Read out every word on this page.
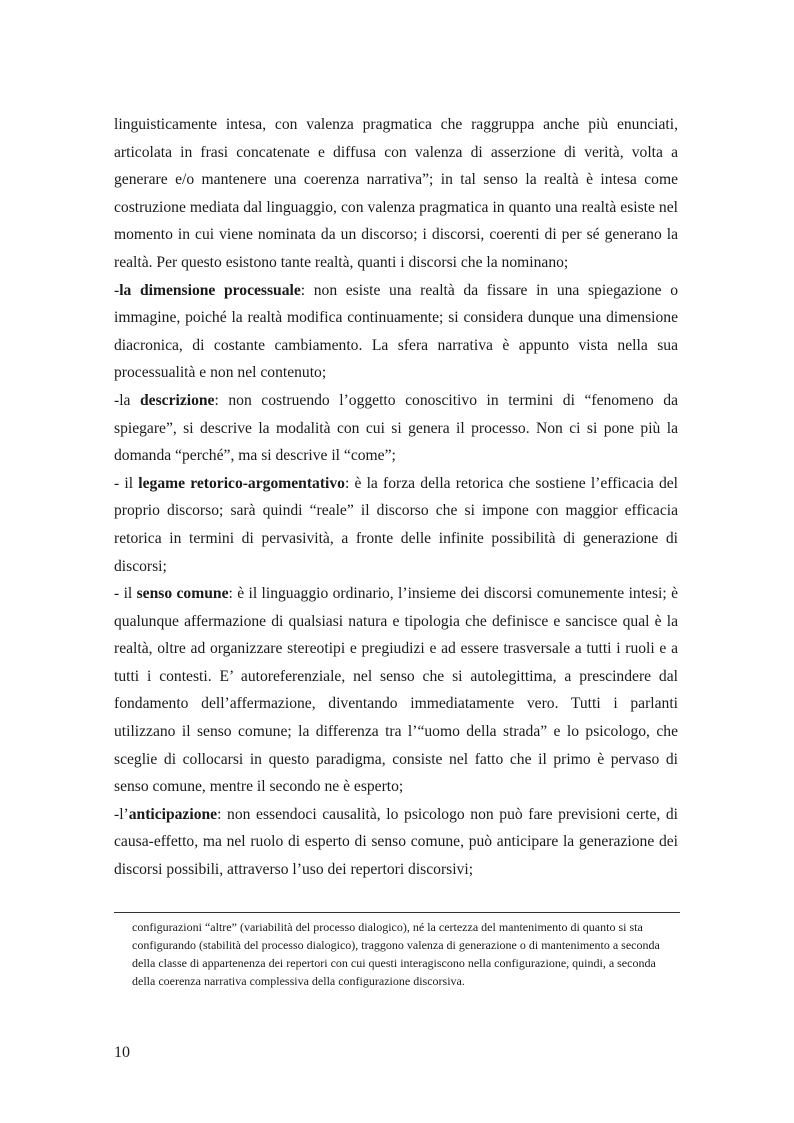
linguisticamente intesa, con valenza pragmatica che raggruppa anche più enunciati, articolata in frasi concatenate e diffusa con valenza di asserzione di verità, volta a generare e/o mantenere una coerenza narrativa”; in tal senso la realtà è intesa come costruzione mediata dal linguaggio, con valenza pragmatica in quanto una realtà esiste nel momento in cui viene nominata da un discorso; i discorsi, coerenti di per sé generano la realtà. Per questo esistono tante realtà, quanti i discorsi che la nominano;

-la dimensione processuale: non esiste una realtà da fissare in una spiegazione o immagine, poiché la realtà modifica continuamente; si considera dunque una dimensione diacronica, di costante cambiamento. La sfera narrativa è appunto vista nella sua processualità e non nel contenuto;

-la descrizione: non costruendo l’oggetto conoscitivo in termini di “fenomeno da spiegare”, si descrive la modalità con cui si genera il processo. Non ci si pone più la domanda “perché”, ma si descrive il “come”;

- il legame retorico-argomentativo: è la forza della retorica che sostiene l’efficacia del proprio discorso; sarà quindi “reale” il discorso che si impone con maggior efficacia retorica in termini di pervasività, a fronte delle infinite possibilità di generazione di discorsi;

- il senso comune: è il linguaggio ordinario, l’insieme dei discorsi comunemente intesi; è qualunque affermazione di qualsiasi natura e tipologia che definisce e sancisce qual è la realtà, oltre ad organizzare stereotipi e pregiudizi e ad essere trasversale a tutti i ruoli e a tutti i contesti. E’ autoreferenziale, nel senso che si autolegittima, a prescindere dal fondamento dell’affermazione, diventando immediatamente vero. Tutti i parlanti utilizzano il senso comune; la differenza tra l’“uomo della strada” e lo psicologo, che sceglie di collocarsi in questo paradigma, consiste nel fatto che il primo è pervaso di senso comune, mentre il secondo ne è esperto;

-l’anticipazione: non essendoci causalità, lo psicologo non può fare previsioni certe, di causa-effetto, ma nel ruolo di esperto di senso comune, può anticipare la generazione dei discorsi possibili, attraverso l’uso dei repertori discorsivi;

configurazioni “altre” (variabilità del processo dialogico), né la certezza del mantenimento di quanto si sta configurando (stabilità del processo dialogico), traggono valenza di generazione o di mantenimento a seconda della classe di appartenenza dei repertori con cui questi interagiscono nella configurazione, quindi, a seconda della coerenza narrativa complessiva della configurazione discorsiva.

10
